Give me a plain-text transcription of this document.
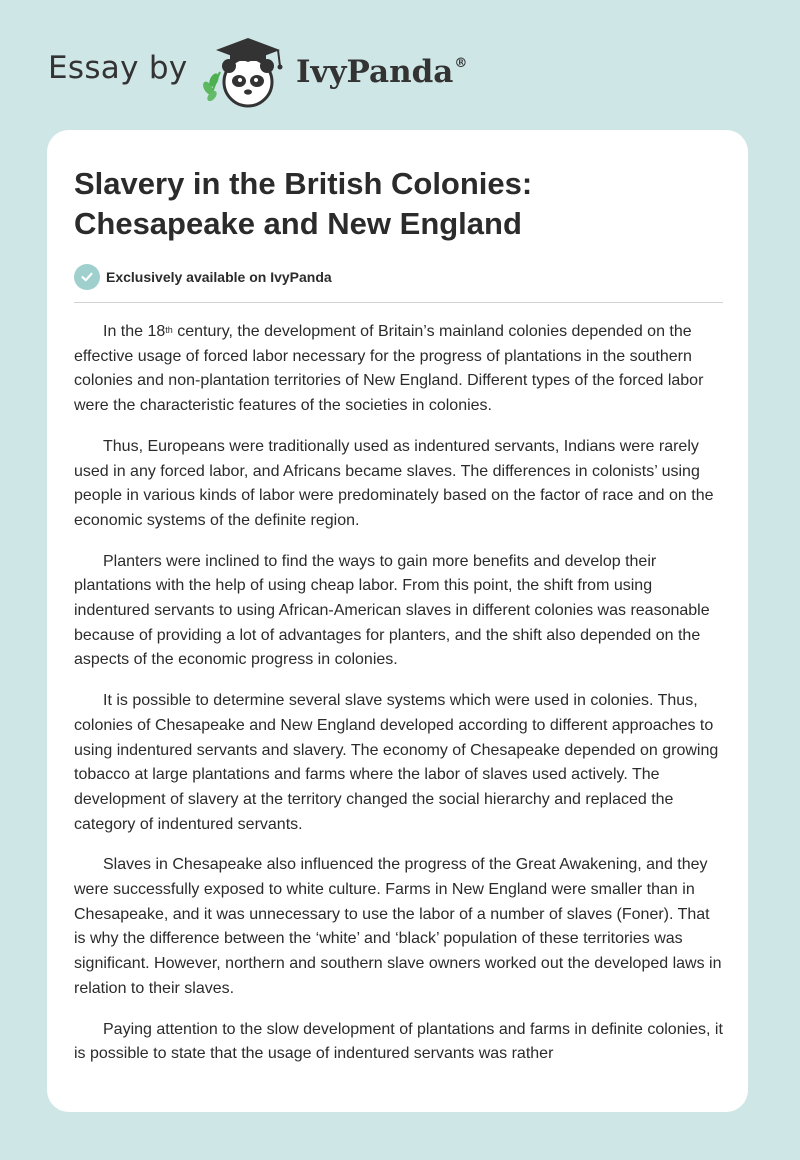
Essay by	IvyPanda®
Slavery in the British Colonies: Chesapeake and New England
Exclusively available on IvyPanda

In the 18th century, the development of Britain’s mainland colonies depended on the effective usage of forced labor necessary for the progress of plantations in the southern colonies and non-plantation territories of New England. Different types of the forced labor were the characteristic features of the societies in colonies.

Thus, Europeans were traditionally used as indentured servants, Indians were rarely used in any forced labor, and Africans became slaves. The differences in colonists’ using people in various kinds of labor were predominately based on the factor of race and on the economic systems of the definite region.

Planters were inclined to find the ways to gain more benefits and develop their plantations with the help of using cheap labor. From this point, the shift from using indentured servants to using African-American slaves in different colonies was reasonable because of providing a lot of advantages for planters, and the shift also depended on the aspects of the economic progress in colonies.

It is possible to determine several slave systems which were used in colonies. Thus, colonies of Chesapeake and New England developed according to different approaches to using indentured servants and slavery. The economy of Chesapeake depended on growing tobacco at large plantations and farms where the labor of slaves used actively. The development of slavery at the territory changed the social hierarchy and replaced the category of indentured servants.

Slaves in Chesapeake also influenced the progress of the Great Awakening, and they were successfully exposed to white culture. Farms in New England were smaller than in Chesapeake, and it was unnecessary to use the labor of a number of slaves (Foner). That is why the difference between the ‘white’ and ‘black’ population of these territories was significant. However, northern and southern slave owners worked out the developed laws in relation to their slaves.

Paying attention to the slow development of plantations and farms in definite colonies, it is possible to state that the usage of indentured servants was rather
